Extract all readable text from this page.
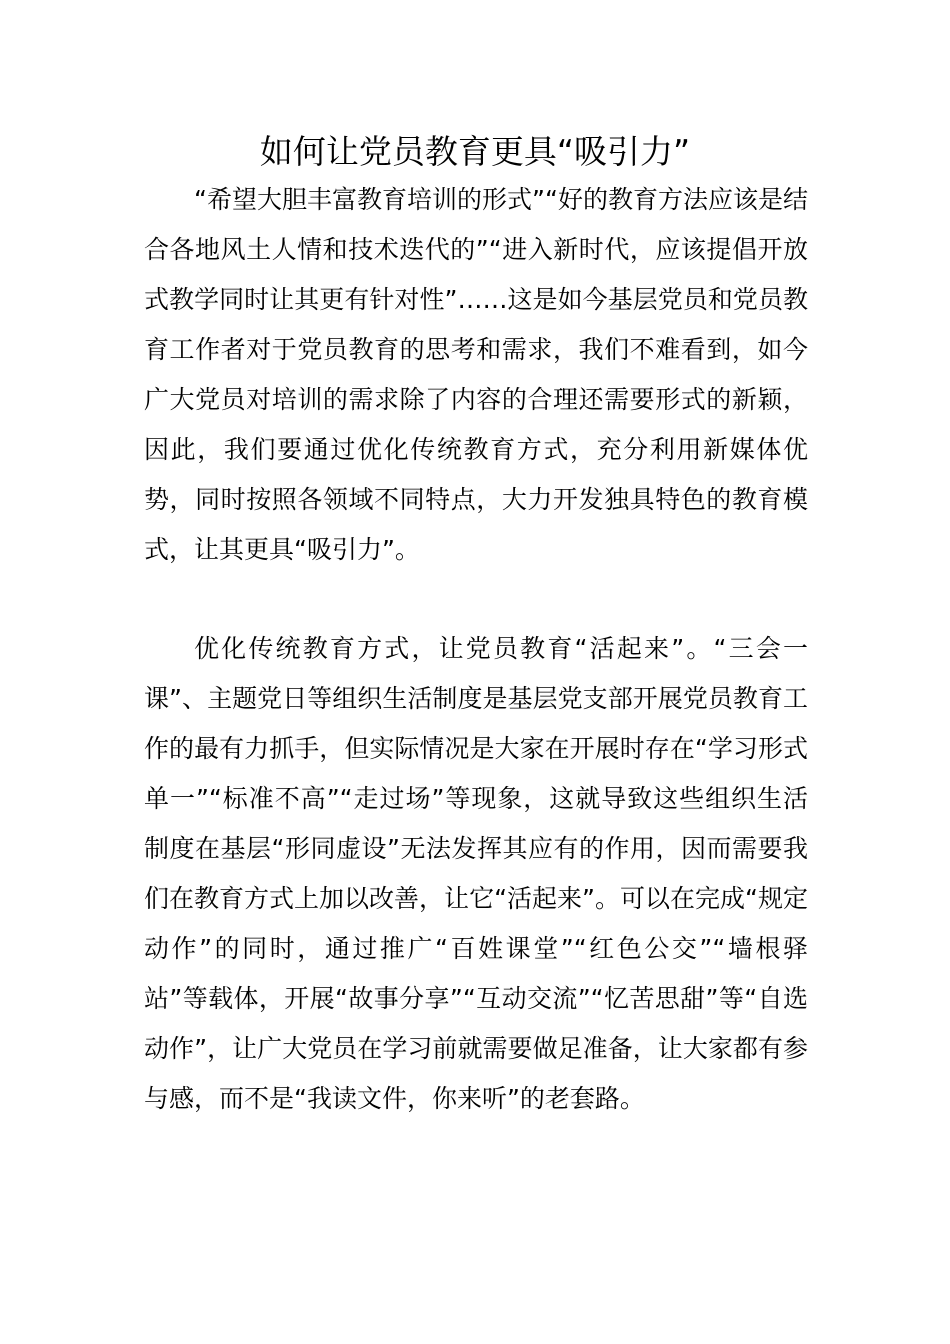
如何让党员教育更具“吸引力”

“希望大胆丰富教育培训的形式”“好的教育方法应该是结合各地风土人情和技术迭代的”“进入新时代，应该提倡开放式教学同时让其更有针对性”……这是如今基层党员和党员教育工作者对于党员教育的思考和需求，我们不难看到，如今广大党员对培训的需求除了内容的合理还需要形式的新颖，因此，我们要通过优化传统教育方式，充分利用新媒体优势，同时按照各领域不同特点，大力开发独具特色的教育模式，让其更具“吸引力”。

优化传统教育方式，让党员教育“活起来”。“三会一课”、主题党日等组织生活制度是基层党支部开展党员教育工作的最有力抓手，但实际情况是大家在开展时存在“学习形式单一”“标准不高”“走过场”等现象，这就导致这些组织生活制度在基层“形同虚设”无法发挥其应有的作用，因而需要我们在教育方式上加以改善，让它“活起来”。可以在完成“规定动作”的同时，通过推广“百姓课堂”“红色公交”“墙根驿站”等载体，开展“故事分享”“互动交流”“忆苦思甜”等“自选动作”，让广大党员在学习前就需要做足准备，让大家都有参与感，而不是“我读文件，你来听”的老套路。
